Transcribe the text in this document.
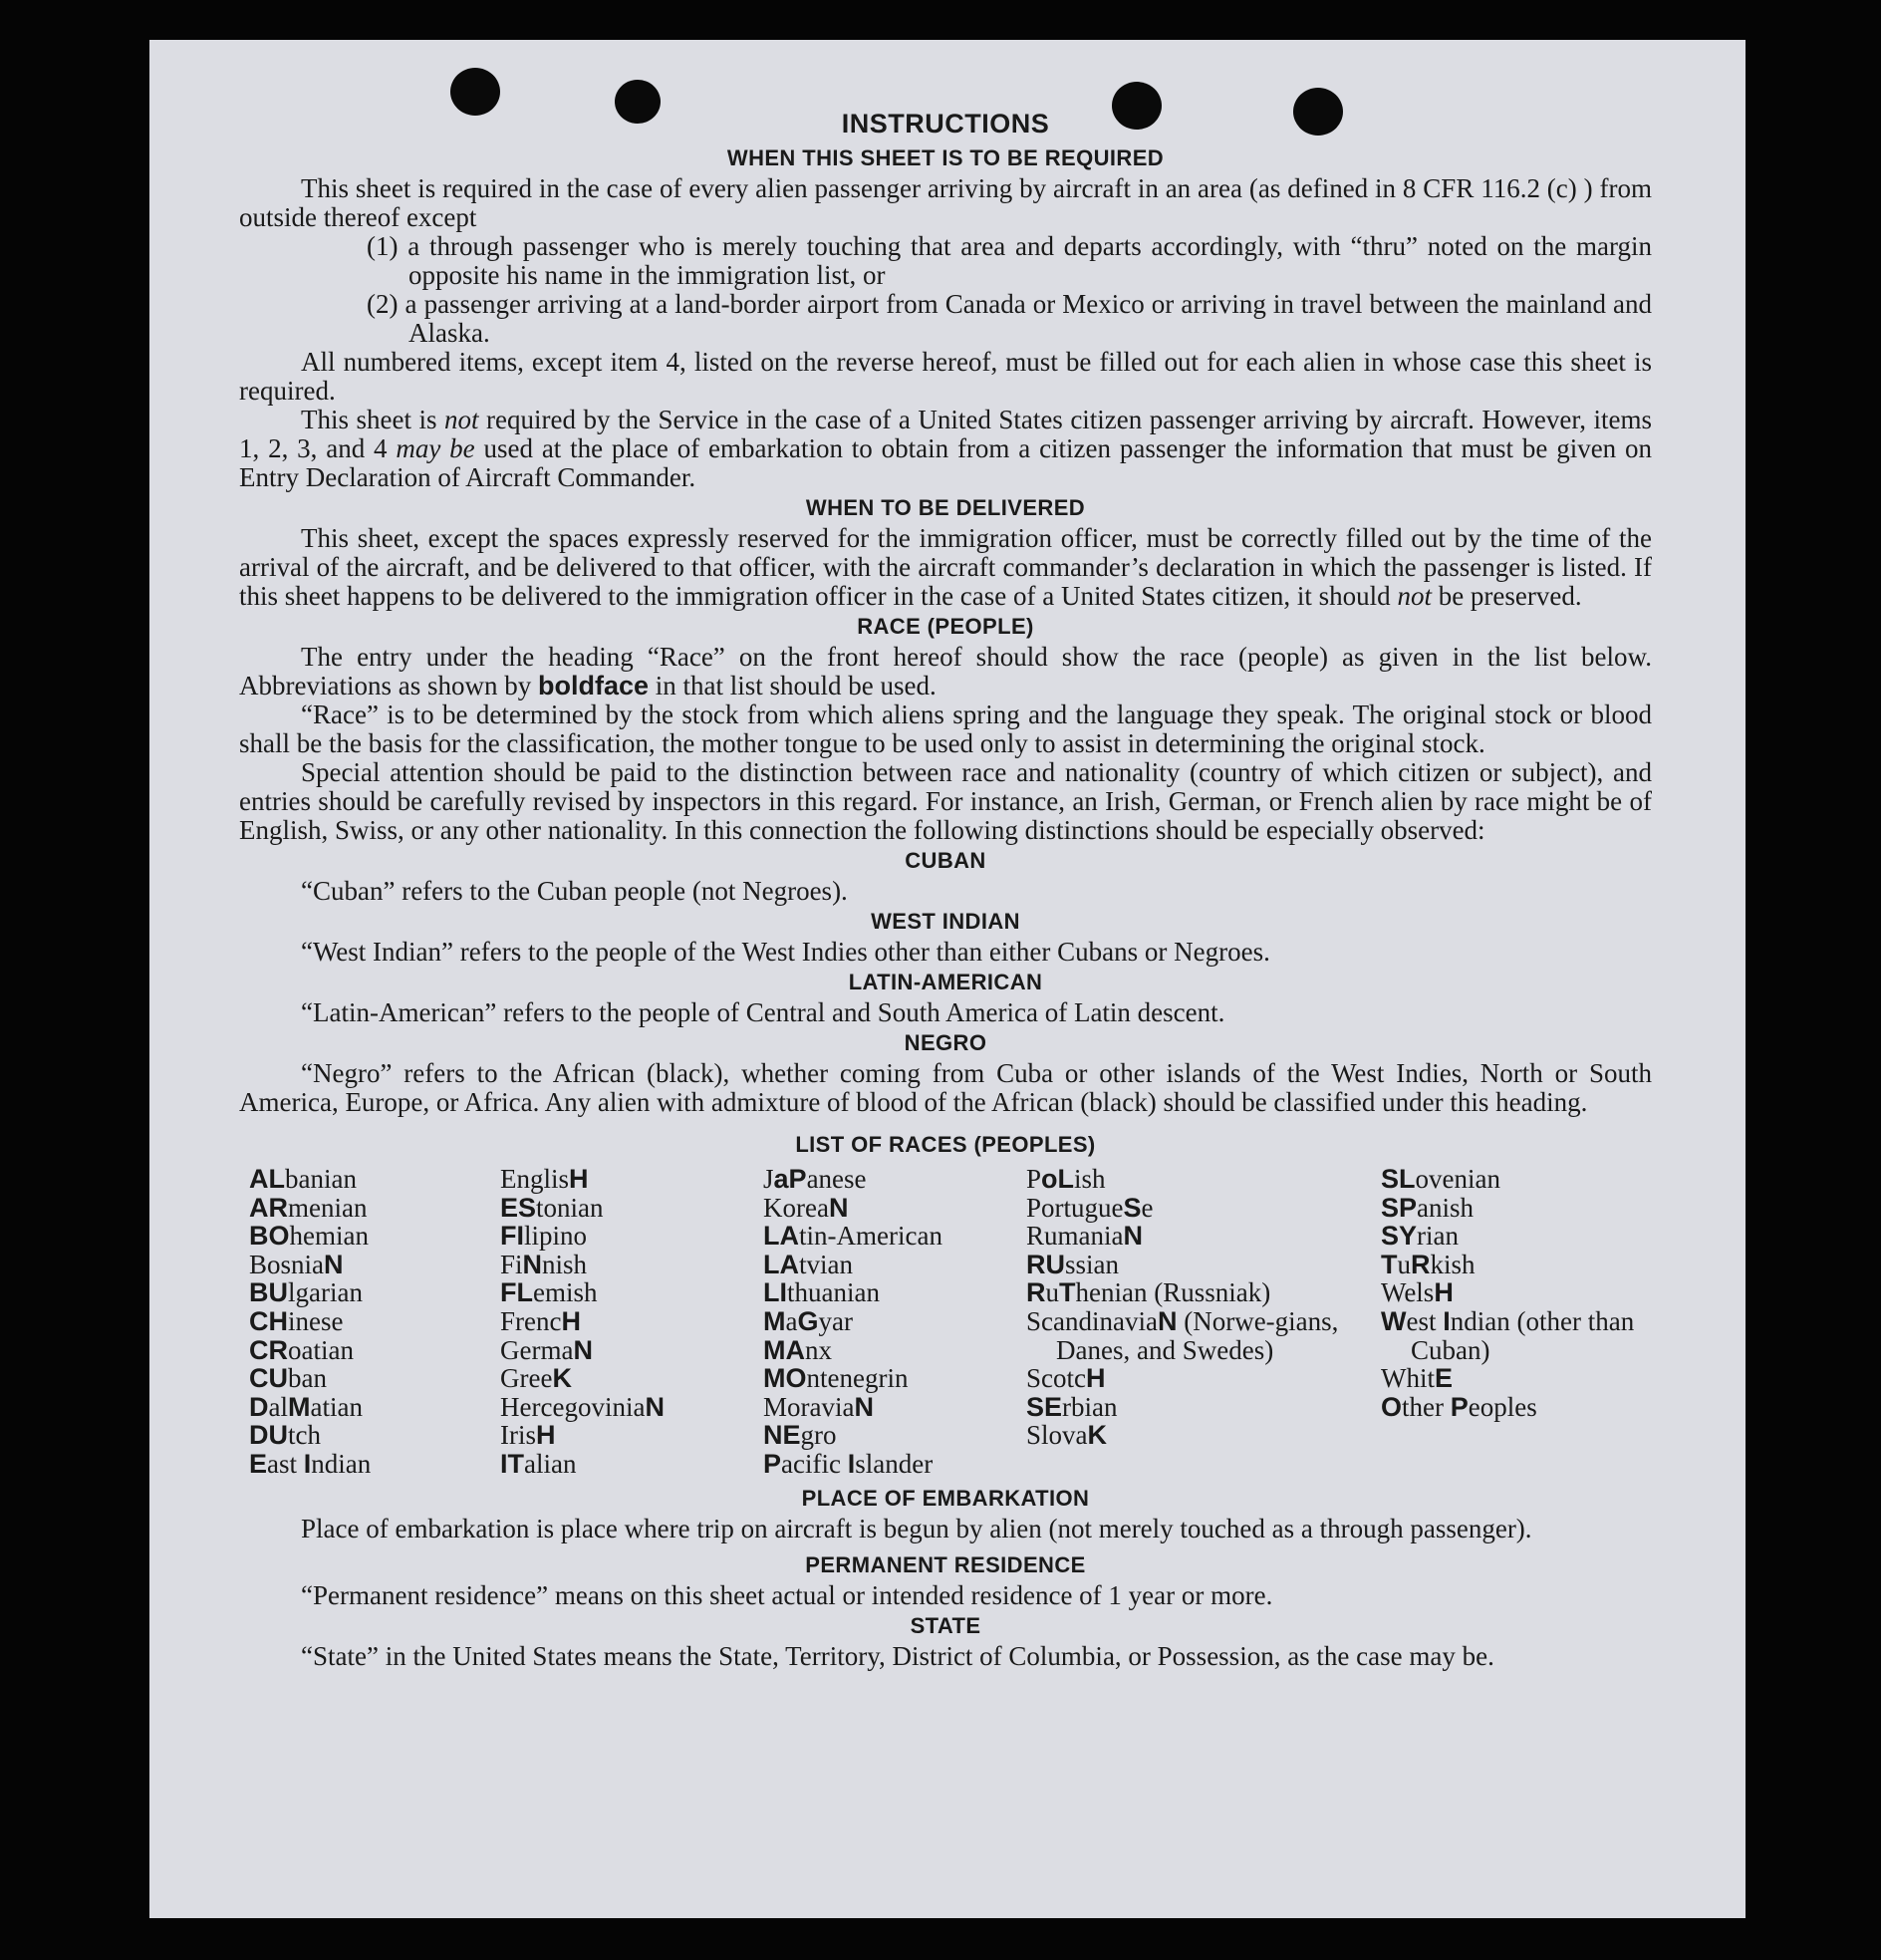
INSTRUCTIONS
WHEN THIS SHEET IS TO BE REQUIRED

This sheet is required in the case of every alien passenger arriving by aircraft in an area (as defined in 8 CFR 116.2 (c) ) from outside thereof except

(1) a through passenger who is merely touching that area and departs accordingly, with “thru” noted on the margin opposite his name in the immigration list, or

(2) a passenger arriving at a land-border airport from Canada or Mexico or arriving in travel between the mainland and Alaska.

All numbered items, except item 4, listed on the reverse hereof, must be filled out for each alien in whose case this sheet is required.

This sheet is not required by the Service in the case of a United States citizen passenger arriving by aircraft. However, items 1, 2, 3, and 4 may be used at the place of embarkation to obtain from a citizen passenger the information that must be given on Entry Declaration of Aircraft Commander.

WHEN TO BE DELIVERED

This sheet, except the spaces expressly reserved for the immigration officer, must be correctly filled out by the time of the arrival of the aircraft, and be delivered to that officer, with the aircraft commander’s declaration in which the passenger is listed. If this sheet happens to be delivered to the immigration officer in the case of a United States citizen, it should not be preserved.

RACE (PEOPLE)

The entry under the heading “Race” on the front hereof should show the race (people) as given in the list below. Abbreviations as shown by boldface in that list should be used.

“Race” is to be determined by the stock from which aliens spring and the language they speak. The original stock or blood shall be the basis for the classification, the mother tongue to be used only to assist in determining the original stock.

Special attention should be paid to the distinction between race and nationality (country of which citizen or subject), and entries should be carefully revised by inspectors in this regard. For instance, an Irish, German, or French alien by race might be of English, Swiss, or any other nationality. In this connection the following distinctions should be especially observed:

CUBAN

“Cuban” refers to the Cuban people (not Negroes).

WEST INDIAN

“West Indian” refers to the people of the West Indies other than either Cubans or Negroes.

LATIN-AMERICAN

“Latin-American” refers to the people of Central and South America of Latin descent.

NEGRO

“Negro” refers to the African (black), whether coming from Cuba or other islands of the West Indies, North or South America, Europe, or Africa. Any alien with admixture of blood of the African (black) should be classified under this heading.

LIST OF RACES (PEOPLES)
ALbanian
ARmenian
BOhemian
BosniaN
BUlgarian
CHinese
CRoatian
CUban
DalMatian
DUtch
East Indian
EnglisH
EStonian
FIlipino
FiNnish
FLemish
FrencH
GermaN
GreeK
HercegoviniaN
IrisH
ITalian
JaPanese
KoreaN
LAtin-American
LAtvian
LIthuanian
MaGyar
MAnx
MOntenegrin
MoraviaN
NEgro
Pacific Islander
PoLish
PortugueSe
RumaniaN
RUssian
RuThenian (Russniak)
ScandinaviaN (Norwe-gians, Danes, and Swedes)
ScotcH
SErbian
SlovaK
SLovenian
SPanish
SYrian
TuRkish
WelsH
West Indian (other than Cuban)
WhitE
Other Peoples
PLACE OF EMBARKATION

Place of embarkation is place where trip on aircraft is begun by alien (not merely touched as a through passenger).

PERMANENT RESIDENCE

“Permanent residence” means on this sheet actual or intended residence of 1 year or more.

STATE

“State” in the United States means the State, Territory, District of Columbia, or Possession, as the case may be.
